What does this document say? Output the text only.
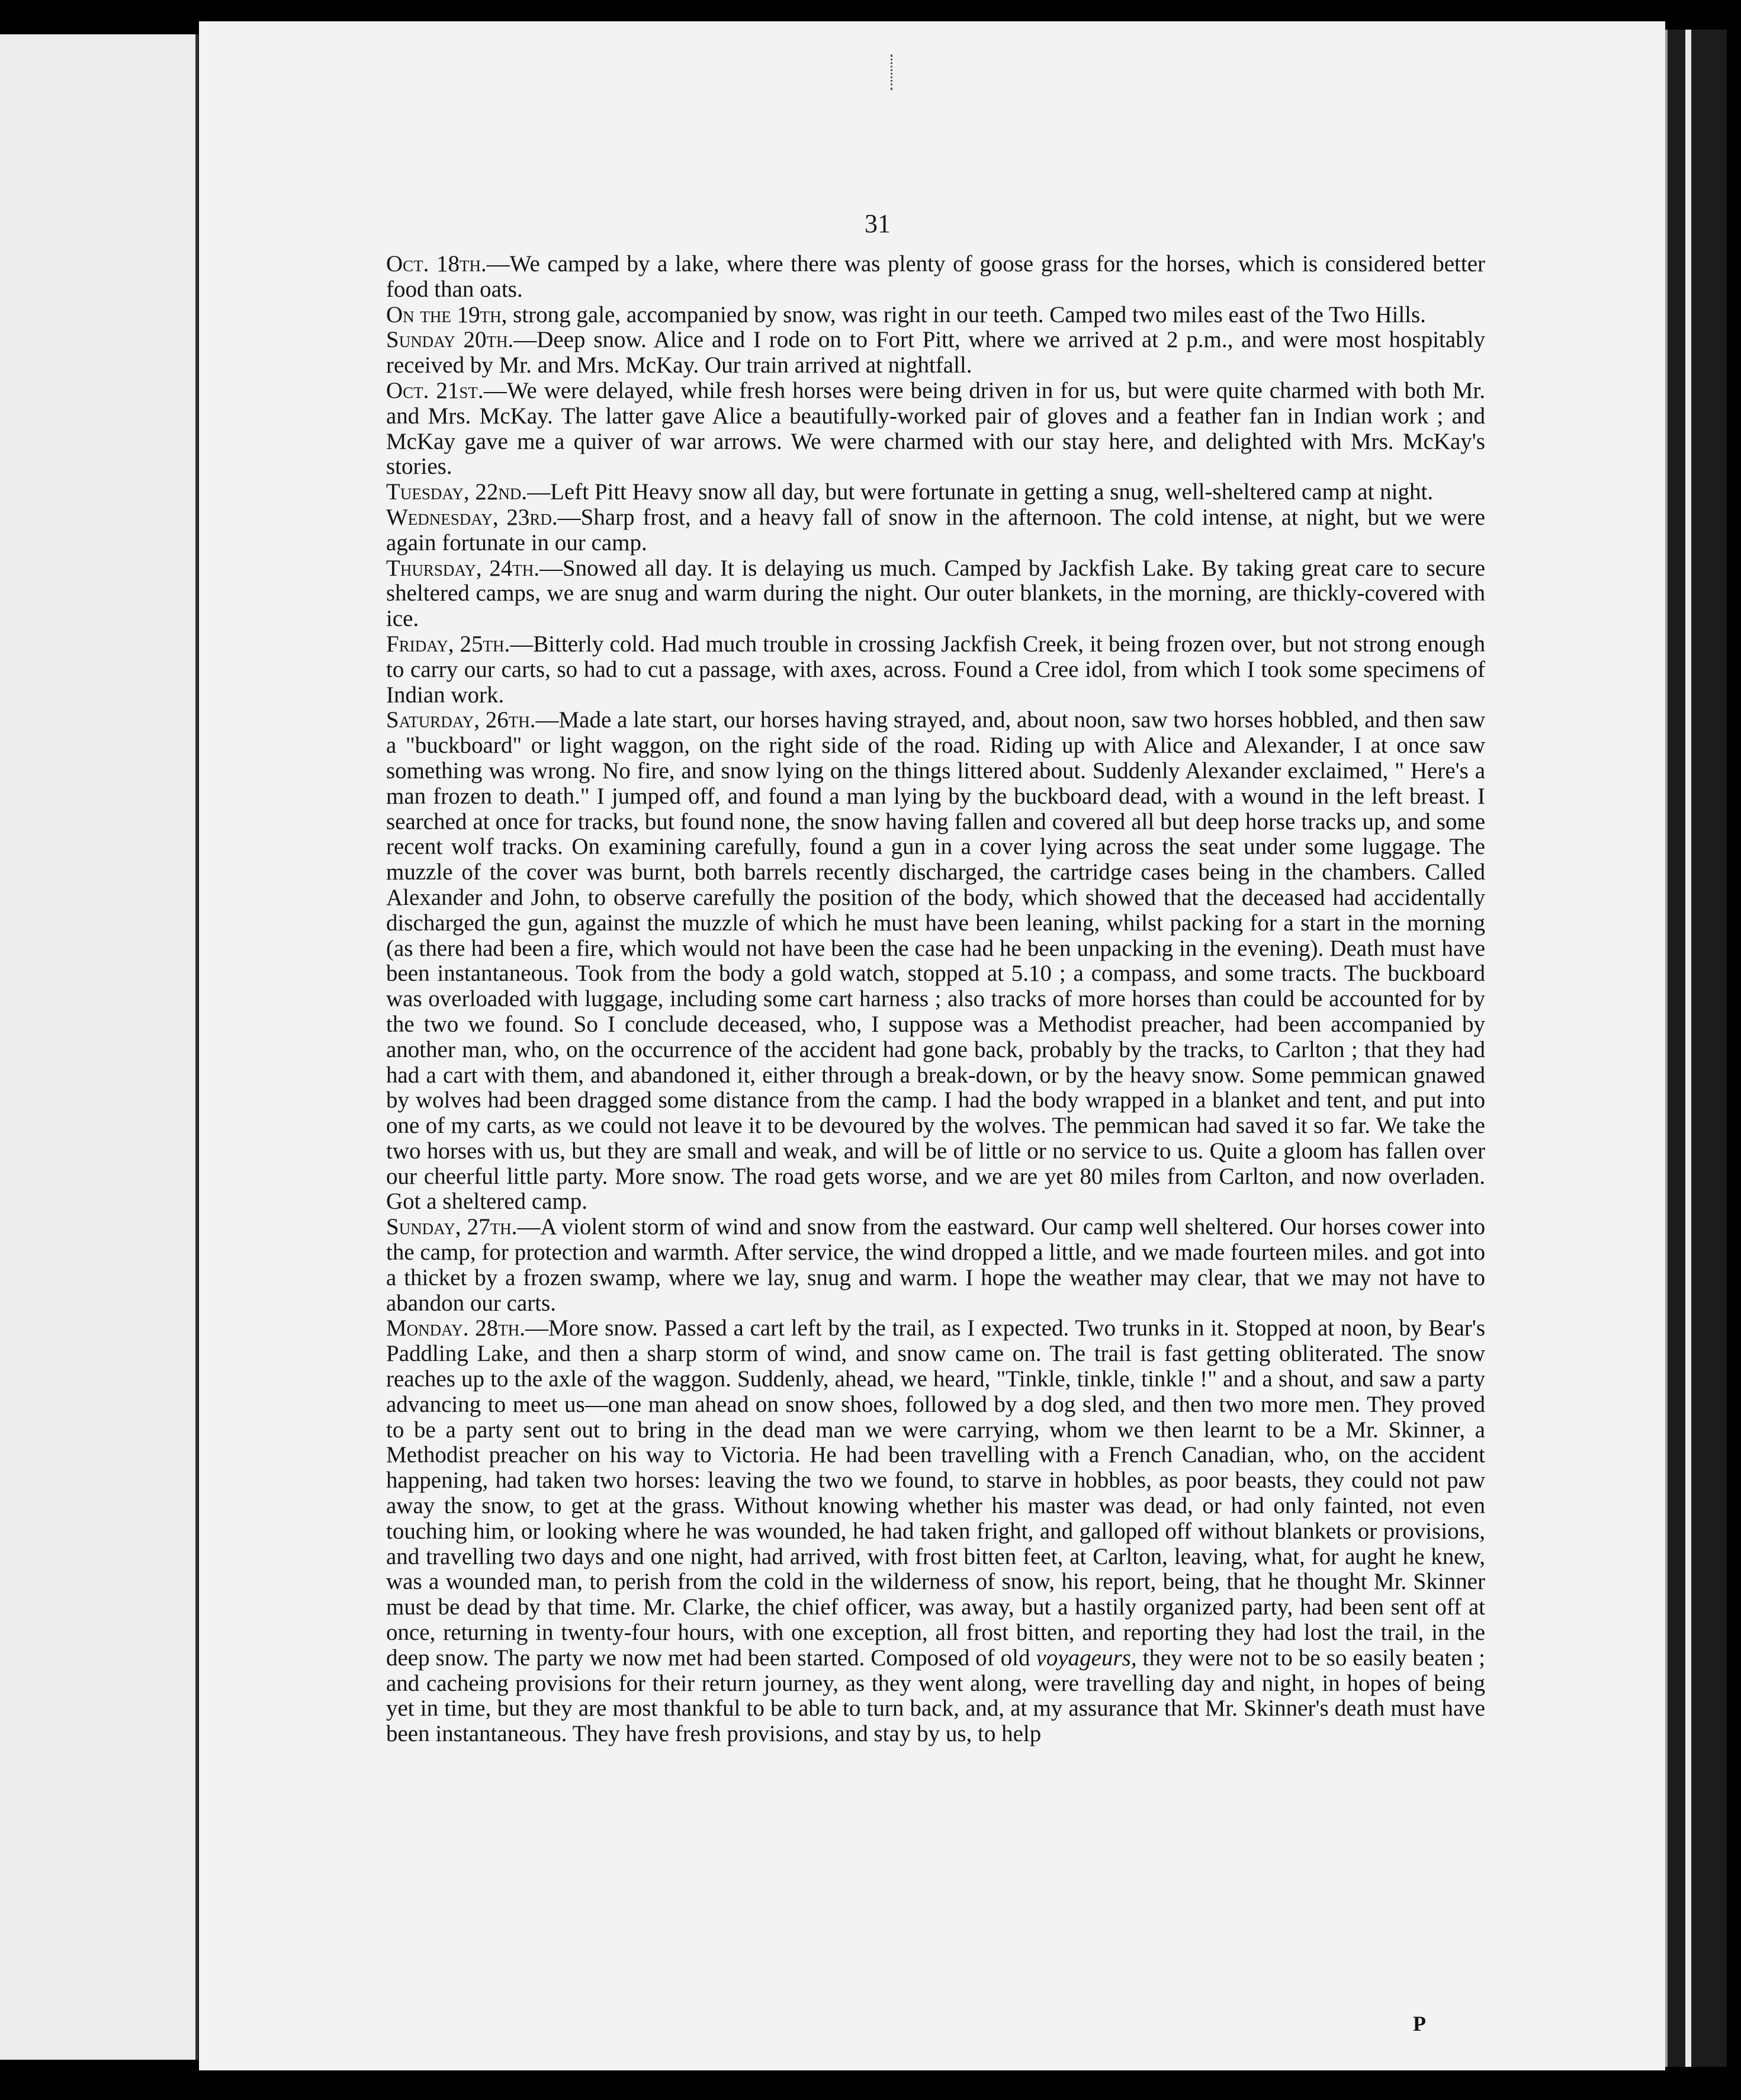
31

Oct. 18th.—We camped by a lake, where there was plenty of goose grass for the horses, which is considered better food than oats.

On the 19th, strong gale, accompanied by snow, was right in our teeth. Camped two miles east of the Two Hills.

Sunday 20th.—Deep snow. Alice and I rode on to Fort Pitt, where we arrived at 2 p.m., and were most hospitably received by Mr. and Mrs. McKay. Our train arrived at nightfall.

Oct. 21st.—We were delayed, while fresh horses were being driven in for us, but were quite charmed with both Mr. and Mrs. McKay. The latter gave Alice a beautifully-worked pair of gloves and a feather fan in Indian work ; and McKay gave me a quiver of war arrows. We were charmed with our stay here, and delighted with Mrs. McKay's stories.

Tuesday, 22nd.—Left Pitt Heavy snow all day, but were fortunate in getting a snug, well-sheltered camp at night.

Wednesday, 23rd.—Sharp frost, and a heavy fall of snow in the afternoon. The cold intense, at night, but we were again fortunate in our camp.

Thursday, 24th.—Snowed all day. It is delaying us much. Camped by Jackfish Lake. By taking great care to secure sheltered camps, we are snug and warm during the night. Our outer blankets, in the morning, are thickly-covered with ice.

Friday, 25th.—Bitterly cold. Had much trouble in crossing Jackfish Creek, it being frozen over, but not strong enough to carry our carts, so had to cut a passage, with axes, across. Found a Cree idol, from which I took some specimens of Indian work.

Saturday, 26th.—Made a late start, our horses having strayed, and, about noon, saw two horses hobbled, and then saw a "buckboard" or light waggon, on the right side of the road. Riding up with Alice and Alexander, I at once saw something was wrong. No fire, and snow lying on the things littered about. Suddenly Alexander exclaimed, " Here's a man frozen to death." I jumped off, and found a man lying by the buckboard dead, with a wound in the left breast. I searched at once for tracks, but found none, the snow having fallen and covered all but deep horse tracks up, and some recent wolf tracks. On examining carefully, found a gun in a cover lying across the seat under some luggage. The muzzle of the cover was burnt, both barrels recently discharged, the cartridge cases being in the chambers. Called Alexander and John, to observe carefully the position of the body, which showed that the deceased had accidentally discharged the gun, against the muzzle of which he must have been leaning, whilst packing for a start in the morning (as there had been a fire, which would not have been the case had he been unpacking in the evening). Death must have been instantaneous. Took from the body a gold watch, stopped at 5.10 ; a compass, and some tracts. The buckboard was overloaded with luggage, including some cart harness ; also tracks of more horses than could be accounted for by the two we found. So I conclude deceased, who, I suppose was a Methodist preacher, had been accompanied by another man, who, on the occurrence of the accident had gone back, probably by the tracks, to Carlton ; that they had had a cart with them, and abandoned it, either through a break-down, or by the heavy snow. Some pemmican gnawed by wolves had been dragged some distance from the camp. I had the body wrapped in a blanket and tent, and put into one of my carts, as we could not leave it to be devoured by the wolves. The pemmican had saved it so far. We take the two horses with us, but they are small and weak, and will be of little or no service to us. Quite a gloom has fallen over our cheerful little party. More snow. The road gets worse, and we are yet 80 miles from Carlton, and now overladen. Got a sheltered camp.

Sunday, 27th.—A violent storm of wind and snow from the eastward. Our camp well sheltered. Our horses cower into the camp, for protection and warmth. After service, the wind dropped a little, and we made fourteen miles. and got into a thicket by a frozen swamp, where we lay, snug and warm. I hope the weather may clear, that we may not have to abandon our carts.

Monday. 28th.—More snow. Passed a cart left by the trail, as I expected. Two trunks in it. Stopped at noon, by Bear's Paddling Lake, and then a sharp storm of wind, and snow came on. The trail is fast getting obliterated. The snow reaches up to the axle of the waggon. Suddenly, ahead, we heard, "Tinkle, tinkle, tinkle !" and a shout, and saw a party advancing to meet us—one man ahead on snow shoes, followed by a dog sled, and then two more men. They proved to be a party sent out to bring in the dead man we were carrying, whom we then learnt to be a Mr. Skinner, a Methodist preacher on his way to Victoria. He had been travelling with a French Canadian, who, on the accident happening, had taken two horses: leaving the two we found, to starve in hobbles, as poor beasts, they could not paw away the snow, to get at the grass. Without knowing whether his master was dead, or had only fainted, not even touching him, or looking where he was wounded, he had taken fright, and galloped off without blankets or provisions, and travelling two days and one night, had arrived, with frost bitten feet, at Carlton, leaving, what, for aught he knew, was a wounded man, to perish from the cold in the wilderness of snow, his report, being, that he thought Mr. Skinner must be dead by that time. Mr. Clarke, the chief officer, was away, but a hastily organized party, had been sent off at once, returning in twenty-four hours, with one exception, all frost bitten, and reporting they had lost the trail, in the deep snow. The party we now met had been started. Composed of old voyageurs, they were not to be so easily beaten ; and cacheing provisions for their return journey, as they went along, were travelling day and night, in hopes of being yet in time, but they are most thankful to be able to turn back, and, at my assurance that Mr. Skinner's death must have been instantaneous. They have fresh provisions, and stay by us, to help

P
